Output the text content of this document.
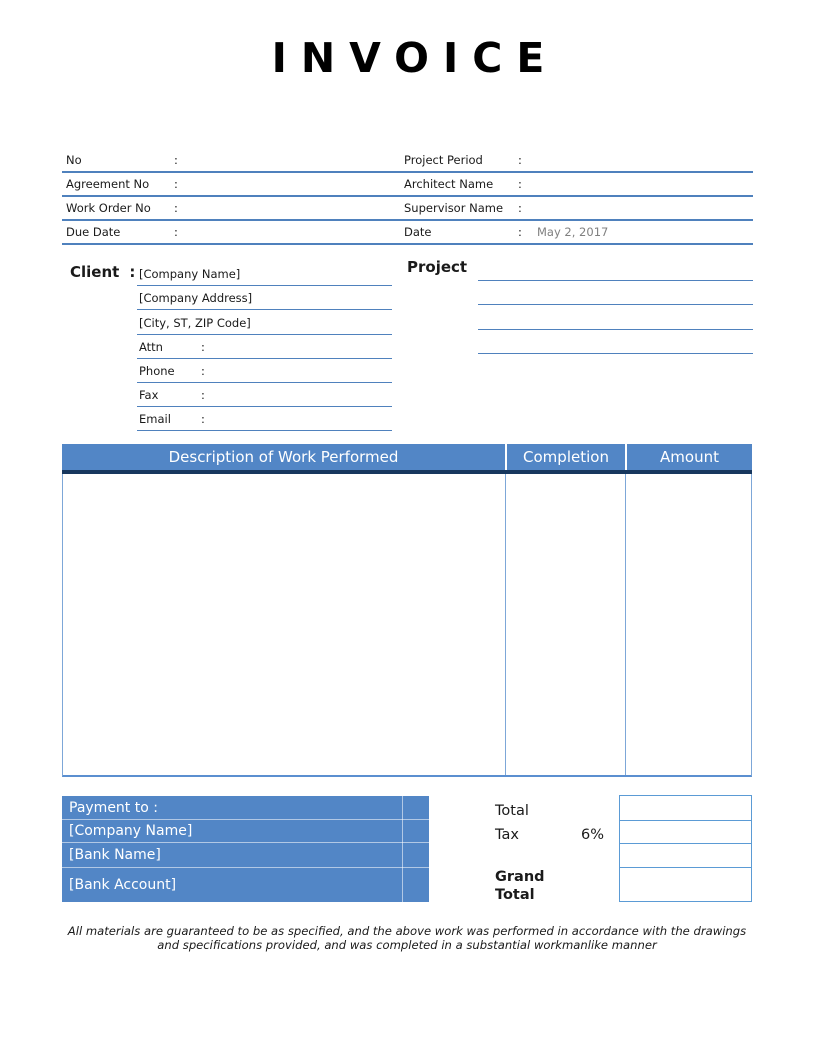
INVOICE
No	:	Project Period	:
Agreement No	:	Architect Name	:
Work Order No	:	Supervisor Name	:
Due Date	:	Date	:	May 2, 2017
Client : [Company Name]
[Company Address]
[City, ST, ZIP Code]
Attn	:
Phone	:
Fax	:
Email	:
Project
Description of Work Performed	Completion	Amount
Payment to :
[Company Name]
[Bank Name]
[Bank Account]
Total
Tax	6%
Grand Total
All materials are guaranteed to be as specified, and the above work was performed in accordance with the drawings and specifications provided, and was completed in a substantial workmanlike manner
